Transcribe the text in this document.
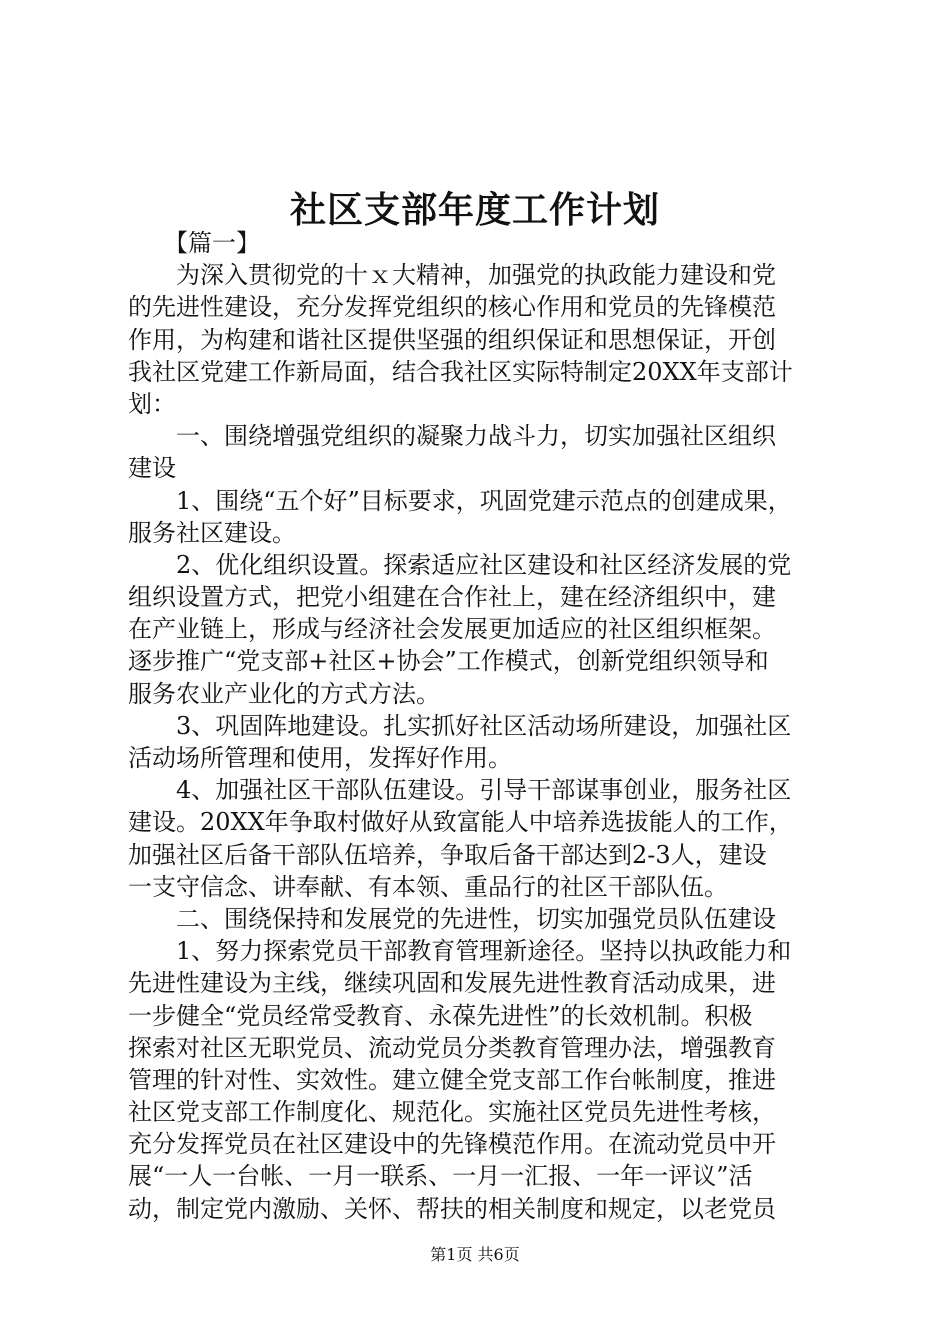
社区支部年度工作计划
　　【篇一】
　　为深入贯彻党的十ｘ大精神，加强党的执政能力建设和党
的先进性建设，充分发挥党组织的核心作用和党员的先锋模范
作用，为构建和谐社区提供坚强的组织保证和思想保证，开创
我社区党建工作新局面，结合我社区实际特制定20XX年支部计
划：
　　一、围绕增强党组织的凝聚力战斗力，切实加强社区组织
建设
　　1、围绕“五个好”目标要求，巩固党建示范点的创建成果，
服务社区建设。
　　2、优化组织设置。探索适应社区建设和社区经济发展的党
组织设置方式，把党小组建在合作社上，建在经济组织中，建
在产业链上，形成与经济社会发展更加适应的社区组织框架。
逐步推广“党支部+社区+协会”工作模式，创新党组织领导和
服务农业产业化的方式方法。
　　3、巩固阵地建设。扎实抓好社区活动场所建设，加强社区
活动场所管理和使用，发挥好作用。
　　4、加强社区干部队伍建设。引导干部谋事创业，服务社区
建设。20XX年争取村做好从致富能人中培养选拔能人的工作，
加强社区后备干部队伍培养，争取后备干部达到2-3人，建设
一支守信念、讲奉献、有本领、重品行的社区干部队伍。
　　二、围绕保持和发展党的先进性，切实加强党员队伍建设
　　1、努力探索党员干部教育管理新途径。坚持以执政能力和
先进性建设为主线，继续巩固和发展先进性教育活动成果，进
一步健全“党员经常受教育、永葆先进性”的长效机制。积极
探索对社区无职党员、流动党员分类教育管理办法，增强教育
管理的针对性、实效性。建立健全党支部工作台帐制度，推进
社区党支部工作制度化、规范化。实施社区党员先进性考核，
充分发挥党员在社区建设中的先锋模范作用。在流动党员中开
展“一人一台帐、一月一联系、一月一汇报、一年一评议”活
动，制定党内激励、关怀、帮扶的相关制度和规定，以老党员
第1页 共6页
